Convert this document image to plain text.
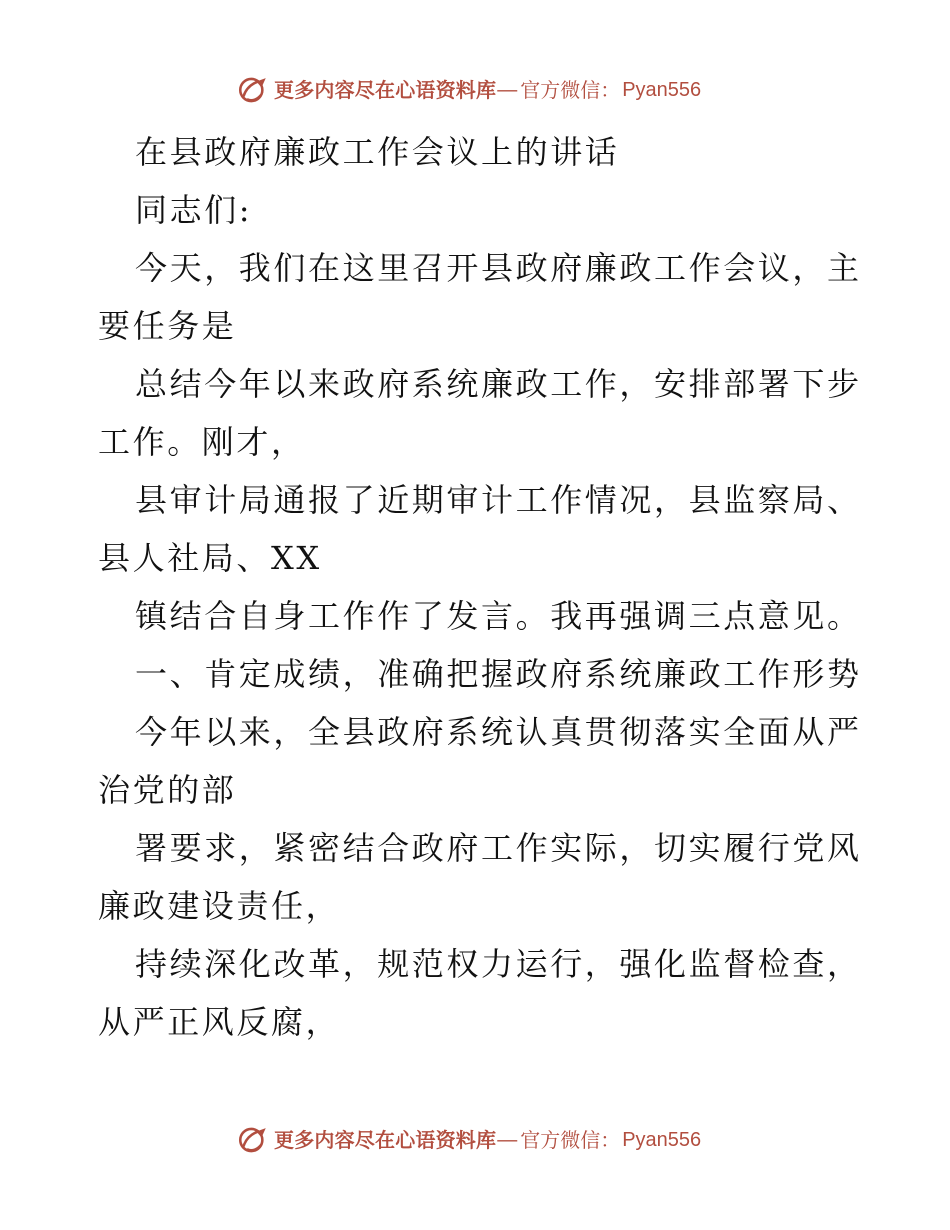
更多内容尽在心语资料库 — 官方微信： Pyan556

在县政府廉政工作会议上的讲话

同志们:

今天，我们在这里召开县政府廉政工作会议，主

要任务是

总结今年以来政府系统廉政工作，安排部署下步

工作。刚才，

县审计局通报了近期审计工作情况，县监察局、

县人社局、XX

镇结合自身工作作了发言。我再强调三点意见。

一、肯定成绩，准确把握政府系统廉政工作形势

今年以来，全县政府系统认真贯彻落实全面从严

治党的部

署要求，紧密结合政府工作实际，切实履行党风

廉政建设责任，

持续深化改革，规范权力运行，强化监督检查，

从严正风反腐，

更多内容尽在心语资料库 — 官方微信： Pyan556
